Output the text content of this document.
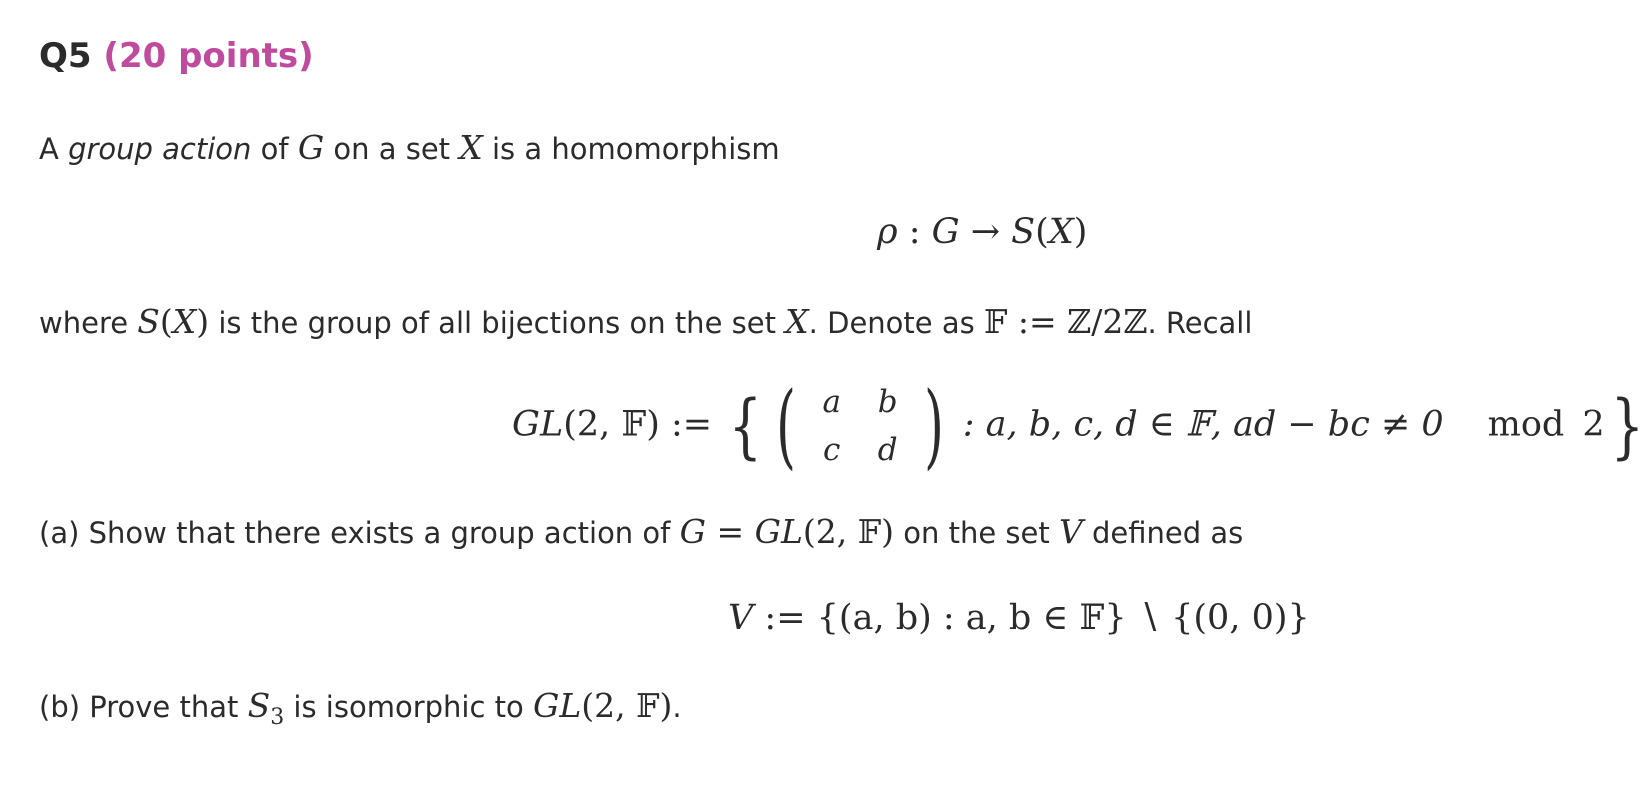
Q5 (20 points)
A group action of G on a set X is a homomorphism
ρ : G → S(X)
where S(X) is the group of all bijections on the set X. Denote as 𝔽 := ℤ/2ℤ. Recall
GL(2, 𝔽) := { ( a	b
c	d ) : a, b, c, d ∈ 𝔽, ad − bc ≠ 0 mod 2}
(a) Show that there exists a group action of G = GL(2, 𝔽) on the set V defined as
V := {(a, b) : a, b ∈ 𝔽} ∖ {(0, 0)}
(b) Prove that $S_3$ is isomorphic to GL(2, 𝔽).
